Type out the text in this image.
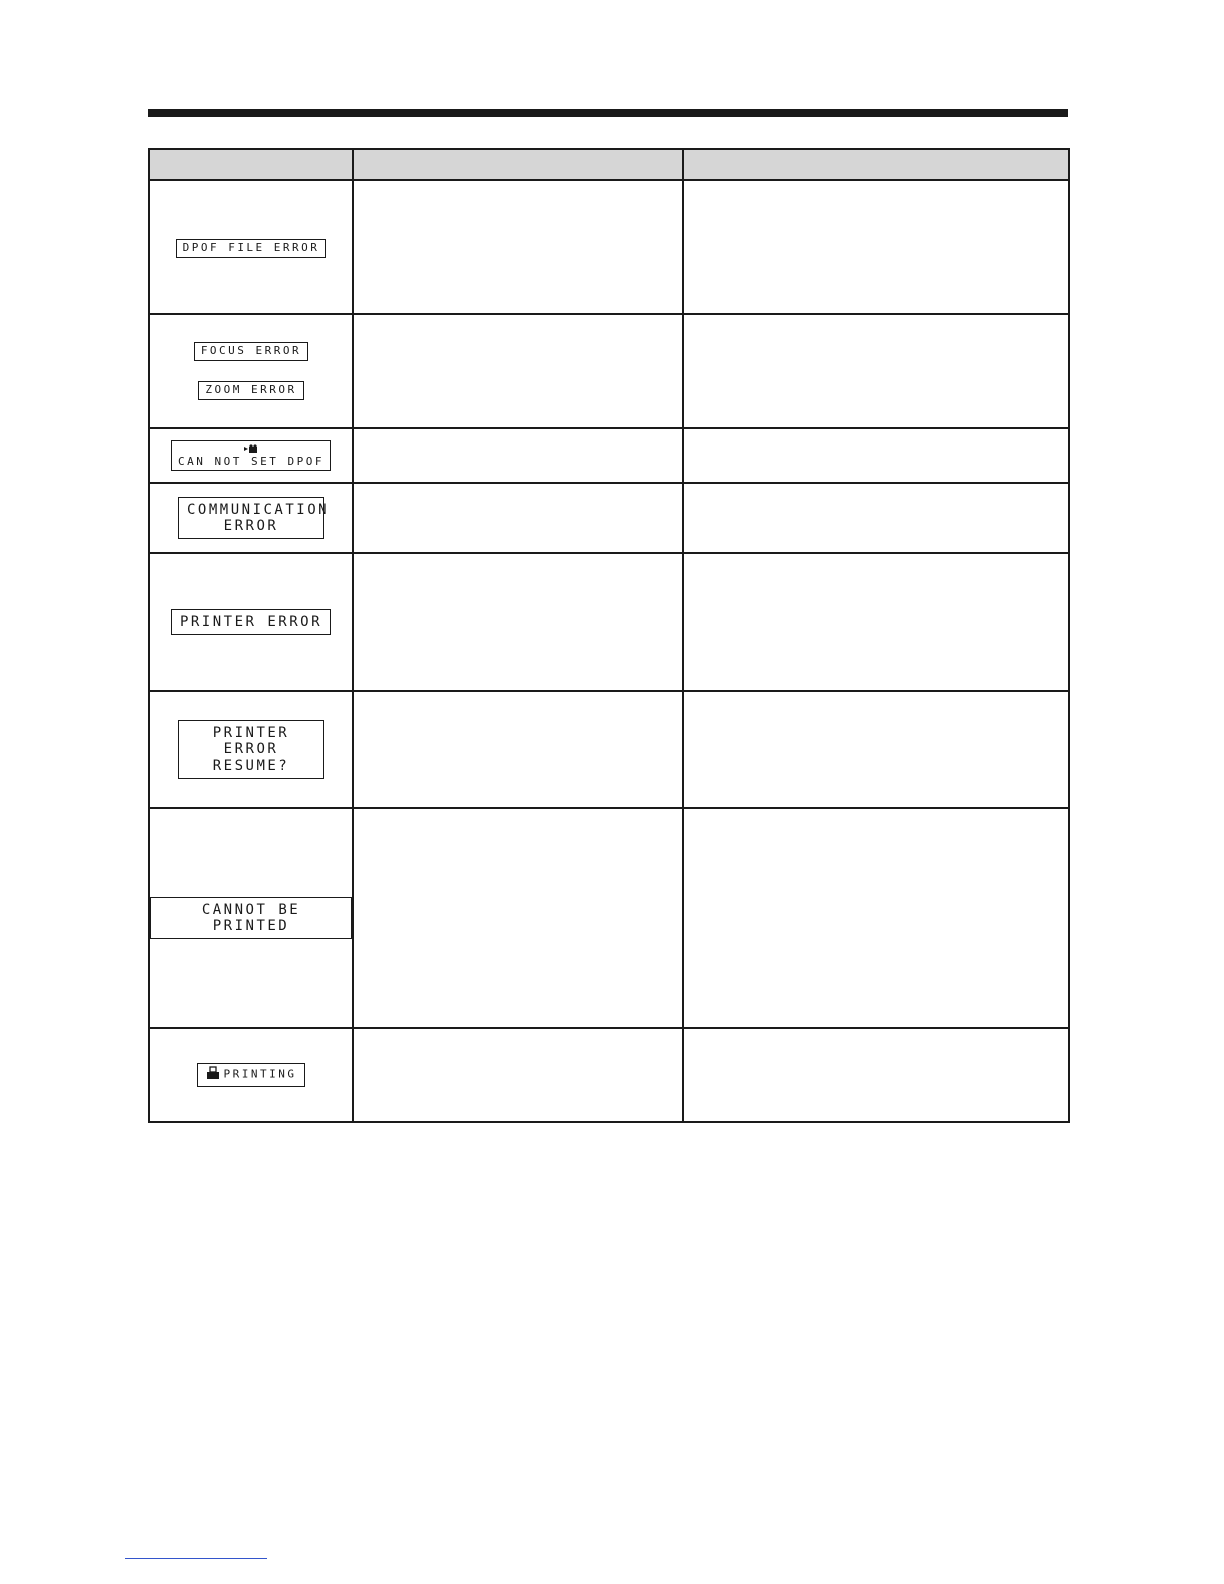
DPOF FILE ERROR		

FOCUS ERROR
ZOOM ERROR		

CAN NOT SET DPOF		

COMMUNICATION
ERROR		

PRINTER ERROR		

PRINTER ERROR
RESUME?		

CANNOT BE PRINTED		

PRINTING		
